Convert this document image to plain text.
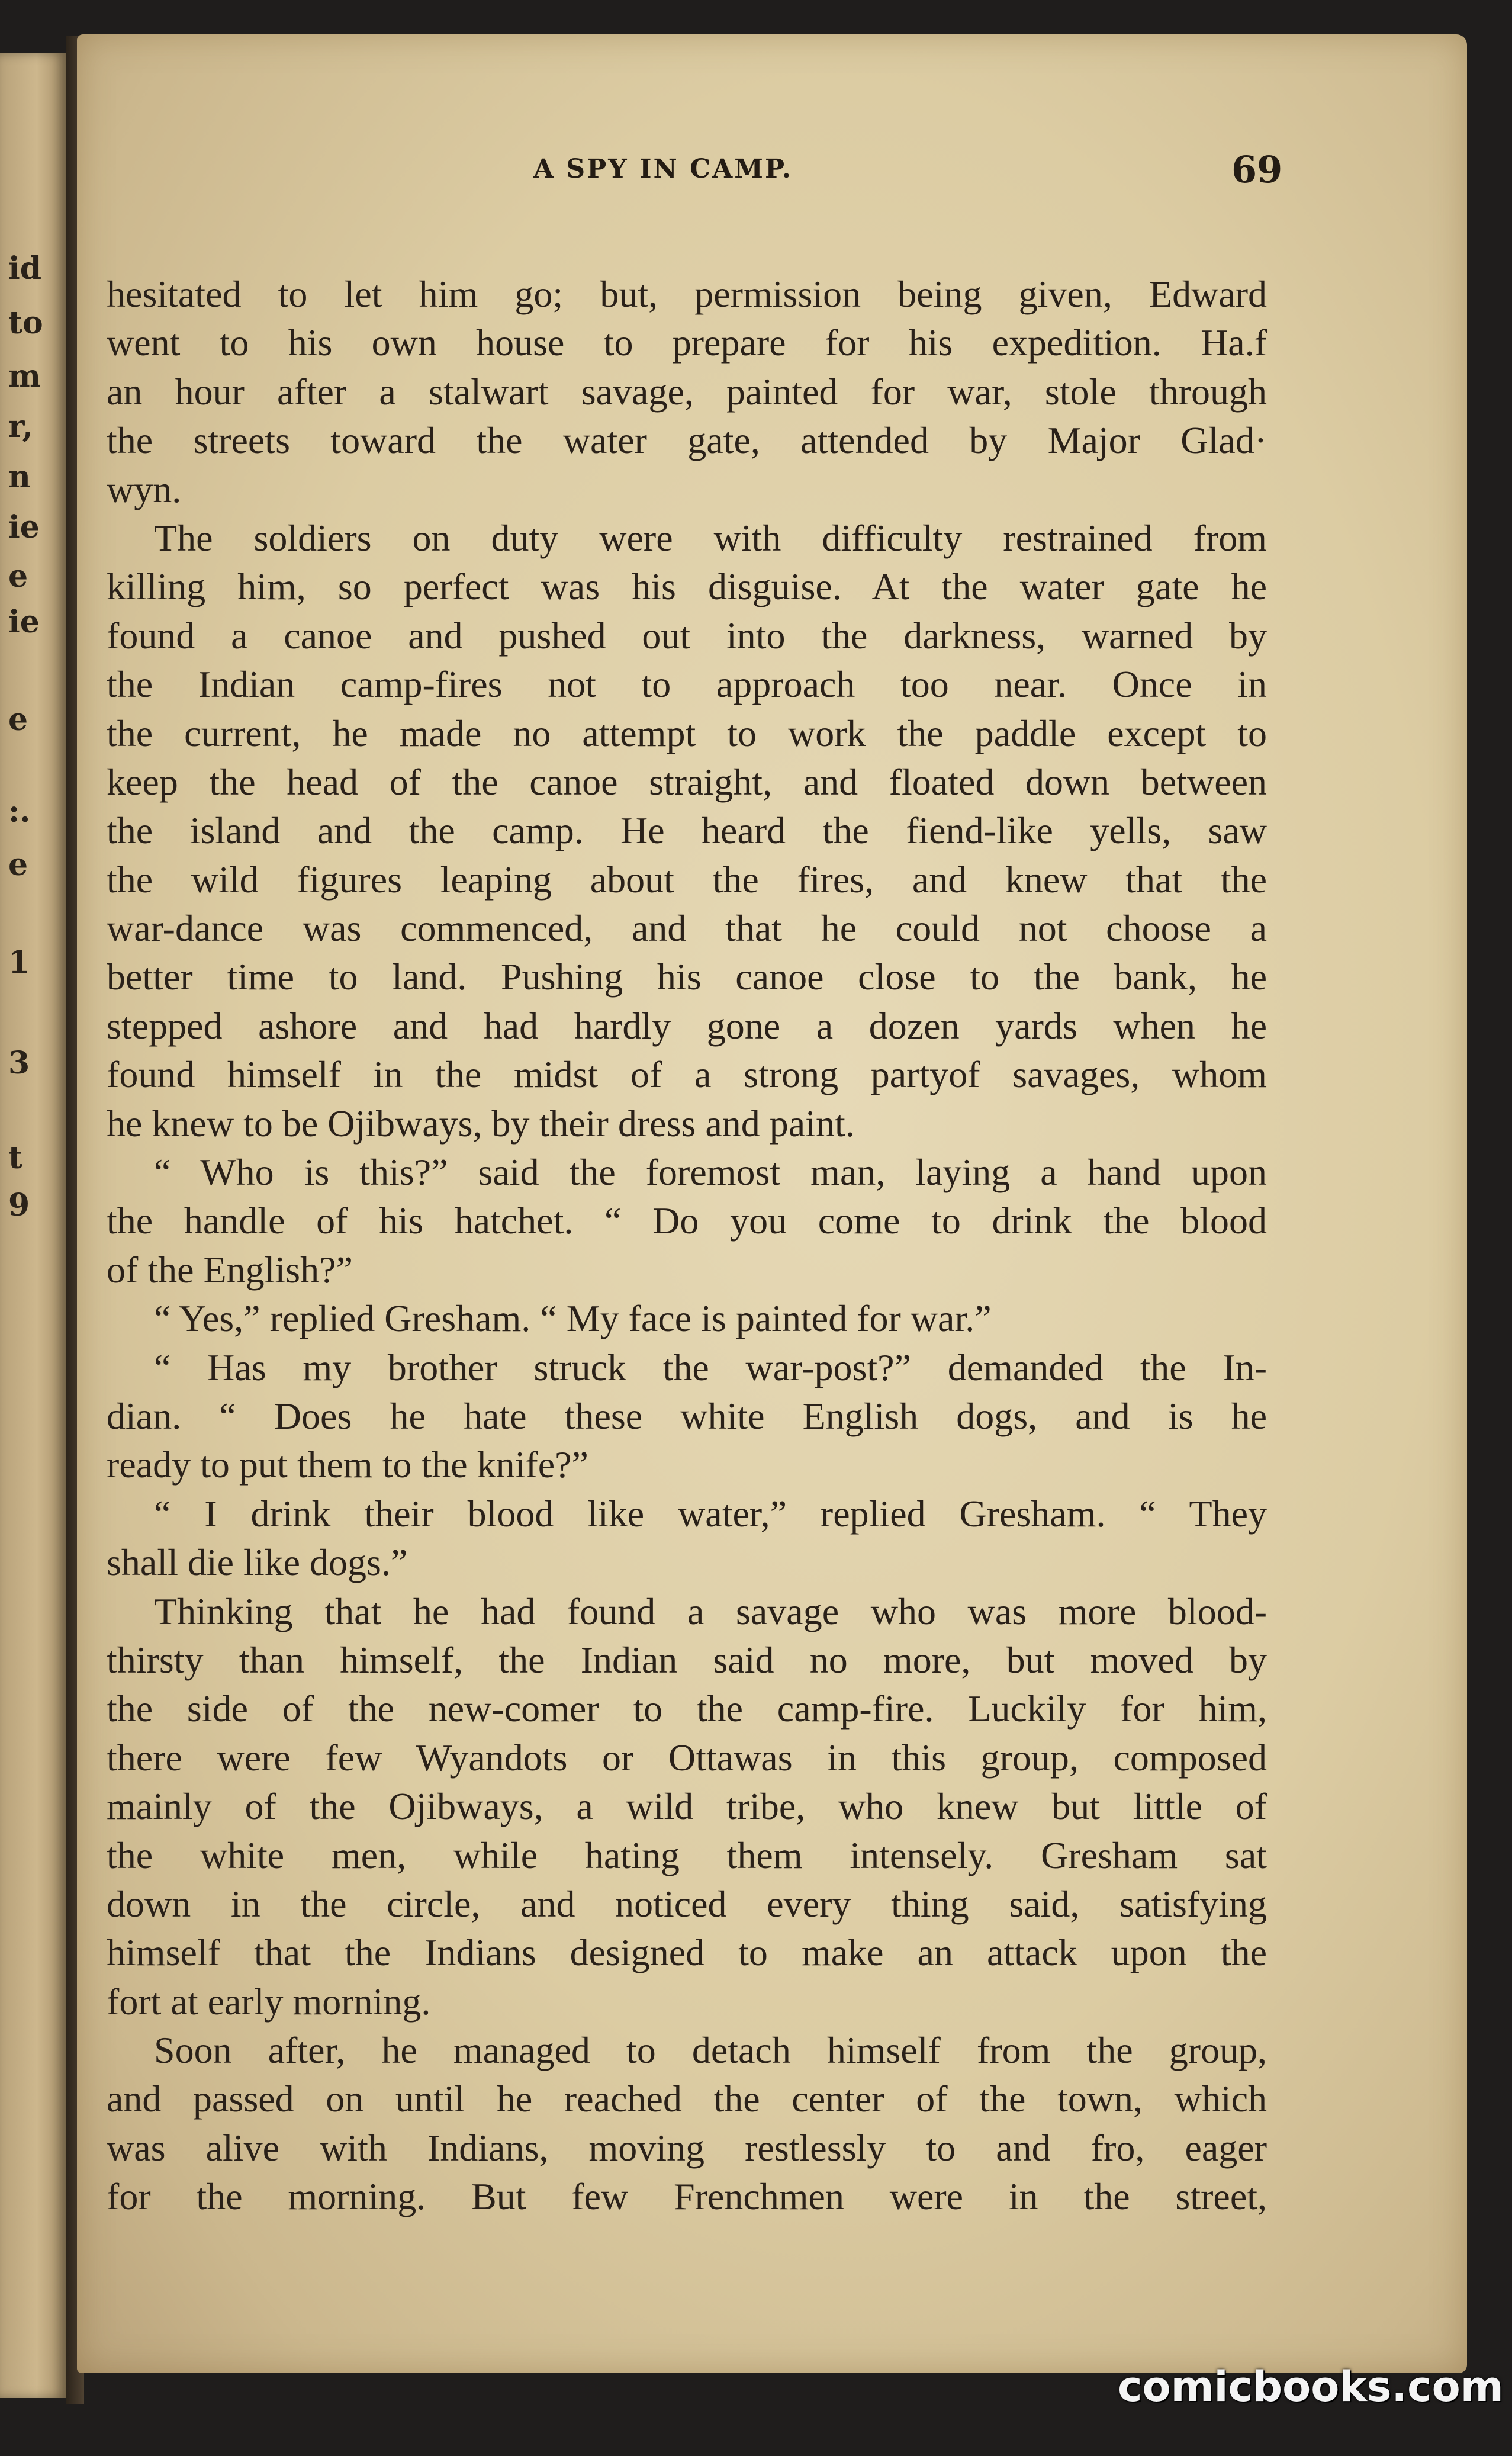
id
to
m
r,
n
ie
e
ie
e
:.
e
1
3
t
9
A SPY IN CAMP.	69
hesitated to let him go; but, permission being given, Edward
went to his own house to prepare for his expedition. Ha.f
an hour after a stalwart savage, painted for war, stole through
the streets toward the water gate, attended by Major Glad·
wyn.
The soldiers on duty were with difficulty restrained from
killing him, so perfect was his disguise. At the water gate he
found a canoe and pushed out into the darkness, warned by
the Indian camp-fires not to approach too near. Once in
the current, he made no attempt to work the paddle except to
keep the head of the canoe straight, and floated down between
the island and the camp. He heard the fiend-like yells, saw
the wild figures leaping about the fires, and knew that the
war-dance was commenced, and that he could not choose a
better time to land. Pushing his canoe close to the bank, he
stepped ashore and had hardly gone a dozen yards when he
found himself in the midst of a strong partyof savages, whom
he knew to be Ojibways, by their dress and paint.
“ Who is this?” said the foremost man, laying a hand upon
the handle of his hatchet. “ Do you come to drink the blood
of the English?”
“ Yes,” replied Gresham. “ My face is painted for war.”
“ Has my brother struck the war-post?” demanded the In-
dian. “ Does he hate these white English dogs, and is he
ready to put them to the knife?”
“ I drink their blood like water,” replied Gresham. “ They
shall die like dogs.”
Thinking that he had found a savage who was more blood-
thirsty than himself, the Indian said no more, but moved by
the side of the new-comer to the camp-fire. Luckily for him,
there were few Wyandots or Ottawas in this group, composed
mainly of the Ojibways, a wild tribe, who knew but little of
the white men, while hating them intensely. Gresham sat
down in the circle, and noticed every thing said, satisfying
himself that the Indians designed to make an attack upon the
fort at early morning.
Soon after, he managed to detach himself from the group,
and passed on until he reached the center of the town, which
was alive with Indians, moving restlessly to and fro, eager
for the morning. But few Frenchmen were in the street,
comicbooks.com
